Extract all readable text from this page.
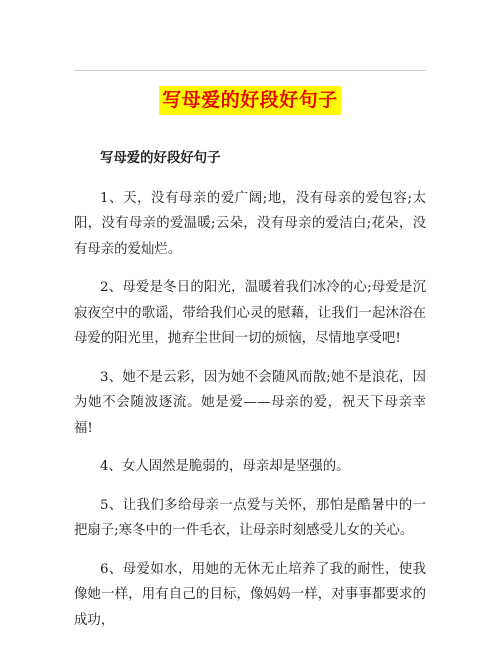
写母爱的好段好句子
写母爱的好段好句子

1、天，没有母亲的爱广阔;地，没有母亲的爱包容;太阳，没有母亲的爱温暖;云朵，没有母亲的爱洁白;花朵，没有母亲的爱灿烂。

2、母爱是冬日的阳光，温暖着我们冰冷的心;母爱是沉寂夜空中的歌谣，带给我们心灵的慰藉，让我们一起沐浴在母爱的阳光里，抛弃尘世间一切的烦恼，尽情地享受吧!

3、她不是云彩，因为她不会随风而散;她不是浪花，因为她不会随波逐流。她是爱——母亲的爱，祝天下母亲幸福!

4、女人固然是脆弱的，母亲却是坚强的。

5、让我们多给母亲一点爱与关怀，那怕是酷暑中的一把扇子;寒冬中的一件毛衣，让母亲时刻感受儿女的关心。

6、母爱如水，用她的无休无止培养了我的耐性，使我像她一样，用有自己的目标，像妈妈一样，对事事都要求的成功，
